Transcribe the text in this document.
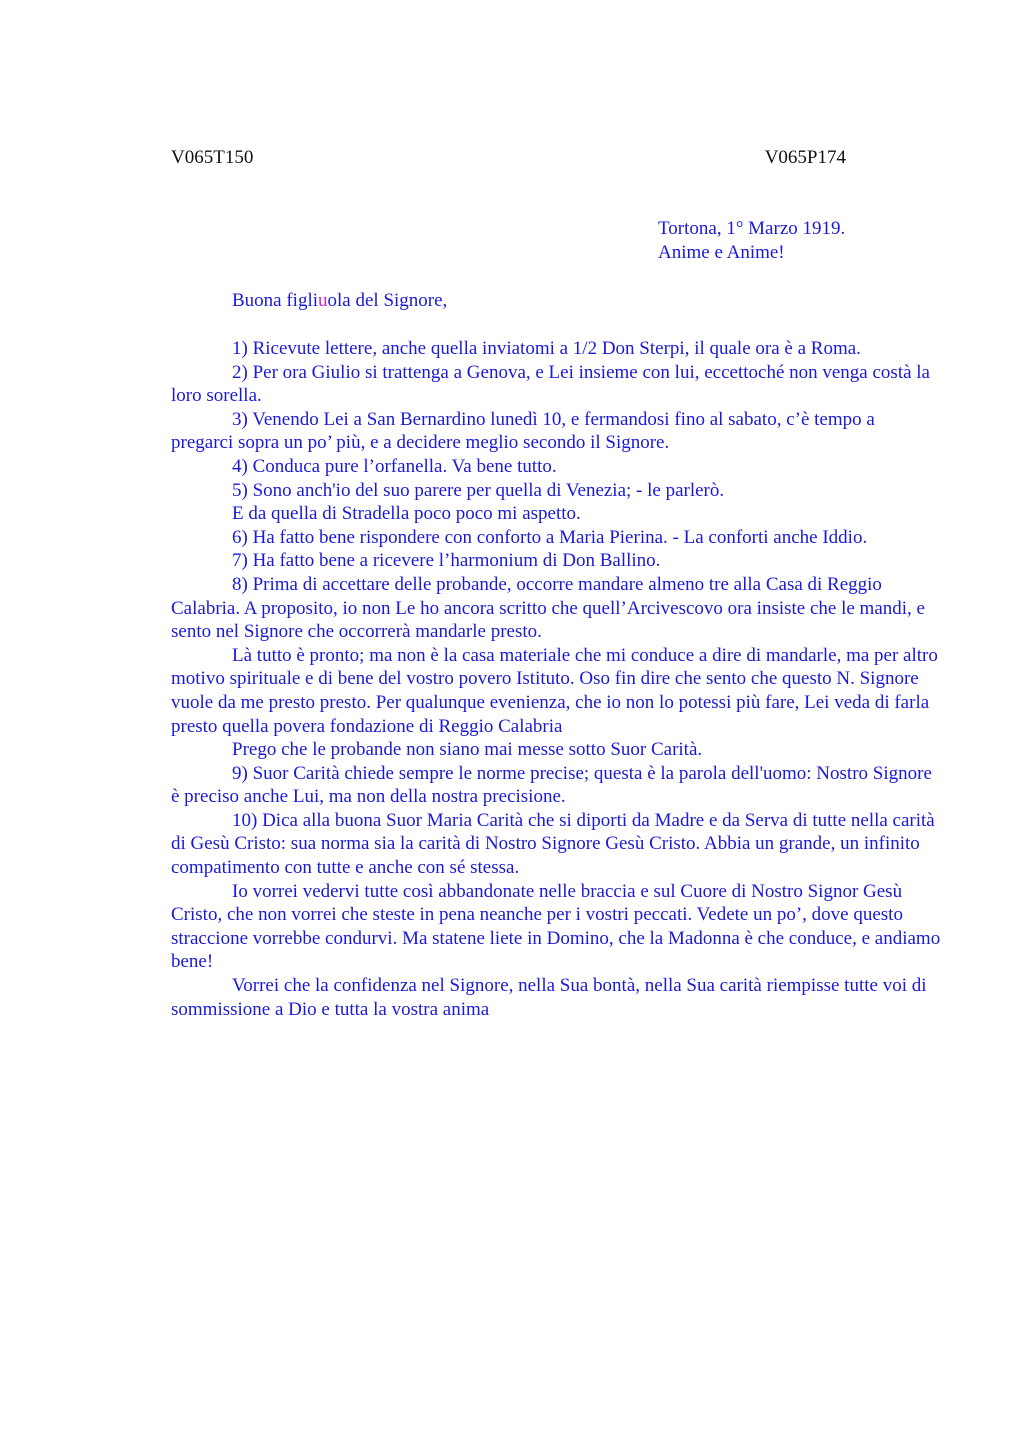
V065T150	V065P174
Tortona, 1° Marzo 1919.
Anime e Anime!
Buona figliuola del Signore,

1) Ricevute lettere, anche quella inviatomi a 1/2 Don Sterpi, il quale ora è a Roma.

2) Per ora Giulio si trattenga a Genova, e Lei insieme con lui, eccettoché non venga costà la loro sorella.

3) Venendo Lei a San Bernardino lunedì 10, e fermandosi fino al sabato, c’è tempo a pregarci sopra un po’ più, e a decidere meglio secondo il Signore.

4) Conduca pure l’orfanella. Va bene tutto.

5) Sono anch'io del suo parere per quella di Venezia; - le parlerò.

E da quella di Stradella poco poco mi aspetto.

6) Ha fatto bene rispondere con conforto a Maria Pierina. - La conforti anche Iddio.

7) Ha fatto bene a ricevere l’harmonium di Don Ballino.

8) Prima di accettare delle probande, occorre mandare almeno tre alla Casa di Reggio Calabria. A proposito, io non Le ho ancora scritto che quell’Arcivescovo ora insiste che le mandi, e sento nel Signore che occorrerà mandarle presto.

Là tutto è pronto; ma non è la casa materiale che mi conduce a dire di mandarle, ma per altro motivo spirituale e di bene del vostro povero Istituto. Oso fin dire che sento che questo N. Signore vuole da me presto presto. Per qualunque evenienza, che io non lo potessi più fare, Lei veda di farla presto quella povera fondazione di Reggio Calabria

Prego che le probande non siano mai messe sotto Suor Carità.

9) Suor Carità chiede sempre le norme precise; questa è la parola dell'uomo: Nostro Signore è preciso anche Lui, ma non della nostra precisione.

10) Dica alla buona Suor Maria Carità che si diporti da Madre e da Serva di tutte nella carità di Gesù Cristo: sua norma sia la carità di Nostro Signore Gesù Cristo. Abbia un grande, un infinito compatimento con tutte e anche con sé stessa.

Io vorrei vedervi tutte così abbandonate nelle braccia e sul Cuore di Nostro Signor Gesù Cristo, che non vorrei che steste in pena neanche per i vostri peccati. Vedete un po’, dove questo straccione vorrebbe condurvi. Ma statene liete in Domino, che la Madonna è che conduce, e andiamo bene!

Vorrei che la confidenza nel Signore, nella Sua bontà, nella Sua carità riempisse tutte voi di sommissione a Dio e tutta la vostra anima
